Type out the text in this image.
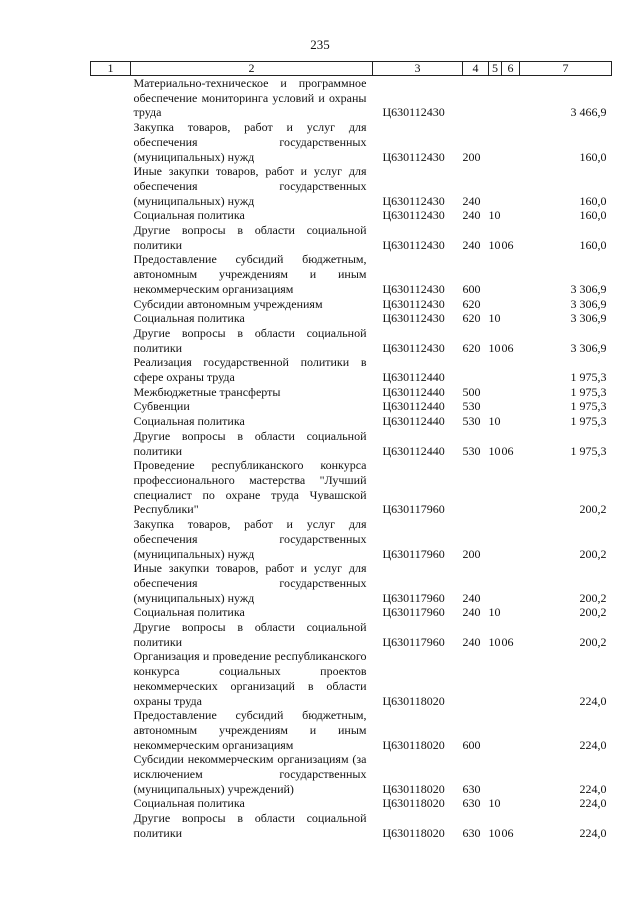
235
1	2	3	4	5	6	7
	Материально-техническое и программное обеспечение мониторинга условий и охраны труда	Ц630112430				3 466,9
	Закупка товаров, работ и услуг для обеспечения государственных (муниципальных) нужд	Ц630112430	200			160,0
	Иные закупки товаров, работ и услуг для обеспечения государственных (муниципальных) нужд	Ц630112430	240			160,0
	Социальная политика	Ц630112430	240	10		160,0
	Другие вопросы в области социальной политики	Ц630112430	240	10	06	160,0
	Предоставление субсидий бюджетным, автономным учреждениям и иным некоммерческим организациям	Ц630112430	600			3 306,9
	Субсидии автономным учреждениям	Ц630112430	620			3 306,9
	Социальная политика	Ц630112430	620	10		3 306,9
	Другие вопросы в области социальной политики	Ц630112430	620	10	06	3 306,9
	Реализация государственной политики в сфере охраны труда	Ц630112440				1 975,3
	Межбюджетные трансферты	Ц630112440	500			1 975,3
	Субвенции	Ц630112440	530			1 975,3
	Социальная политика	Ц630112440	530	10		1 975,3
	Другие вопросы в области социальной политики	Ц630112440	530	10	06	1 975,3
	Проведение республиканского конкурса профессионального мастерства "Лучший специалист по охране труда Чувашской Республики"	Ц630117960				200,2
	Закупка товаров, работ и услуг для обеспечения государственных (муниципальных) нужд	Ц630117960	200			200,2
	Иные закупки товаров, работ и услуг для обеспечения государственных (муниципальных) нужд	Ц630117960	240			200,2
	Социальная политика	Ц630117960	240	10		200,2
	Другие вопросы в области социальной политики	Ц630117960	240	10	06	200,2
	Организация и проведение республиканского конкурса социальных проектов некоммерческих организаций в области охраны труда	Ц630118020				224,0
	Предоставление субсидий бюджетным, автономным учреждениям и иным некоммерческим организациям	Ц630118020	600			224,0
	Субсидии некоммерческим организациям (за исключением государственных (муниципальных) учреждений)	Ц630118020	630			224,0
	Социальная политика	Ц630118020	630	10		224,0
	Другие вопросы в области социальной политики	Ц630118020	630	10	06	224,0
